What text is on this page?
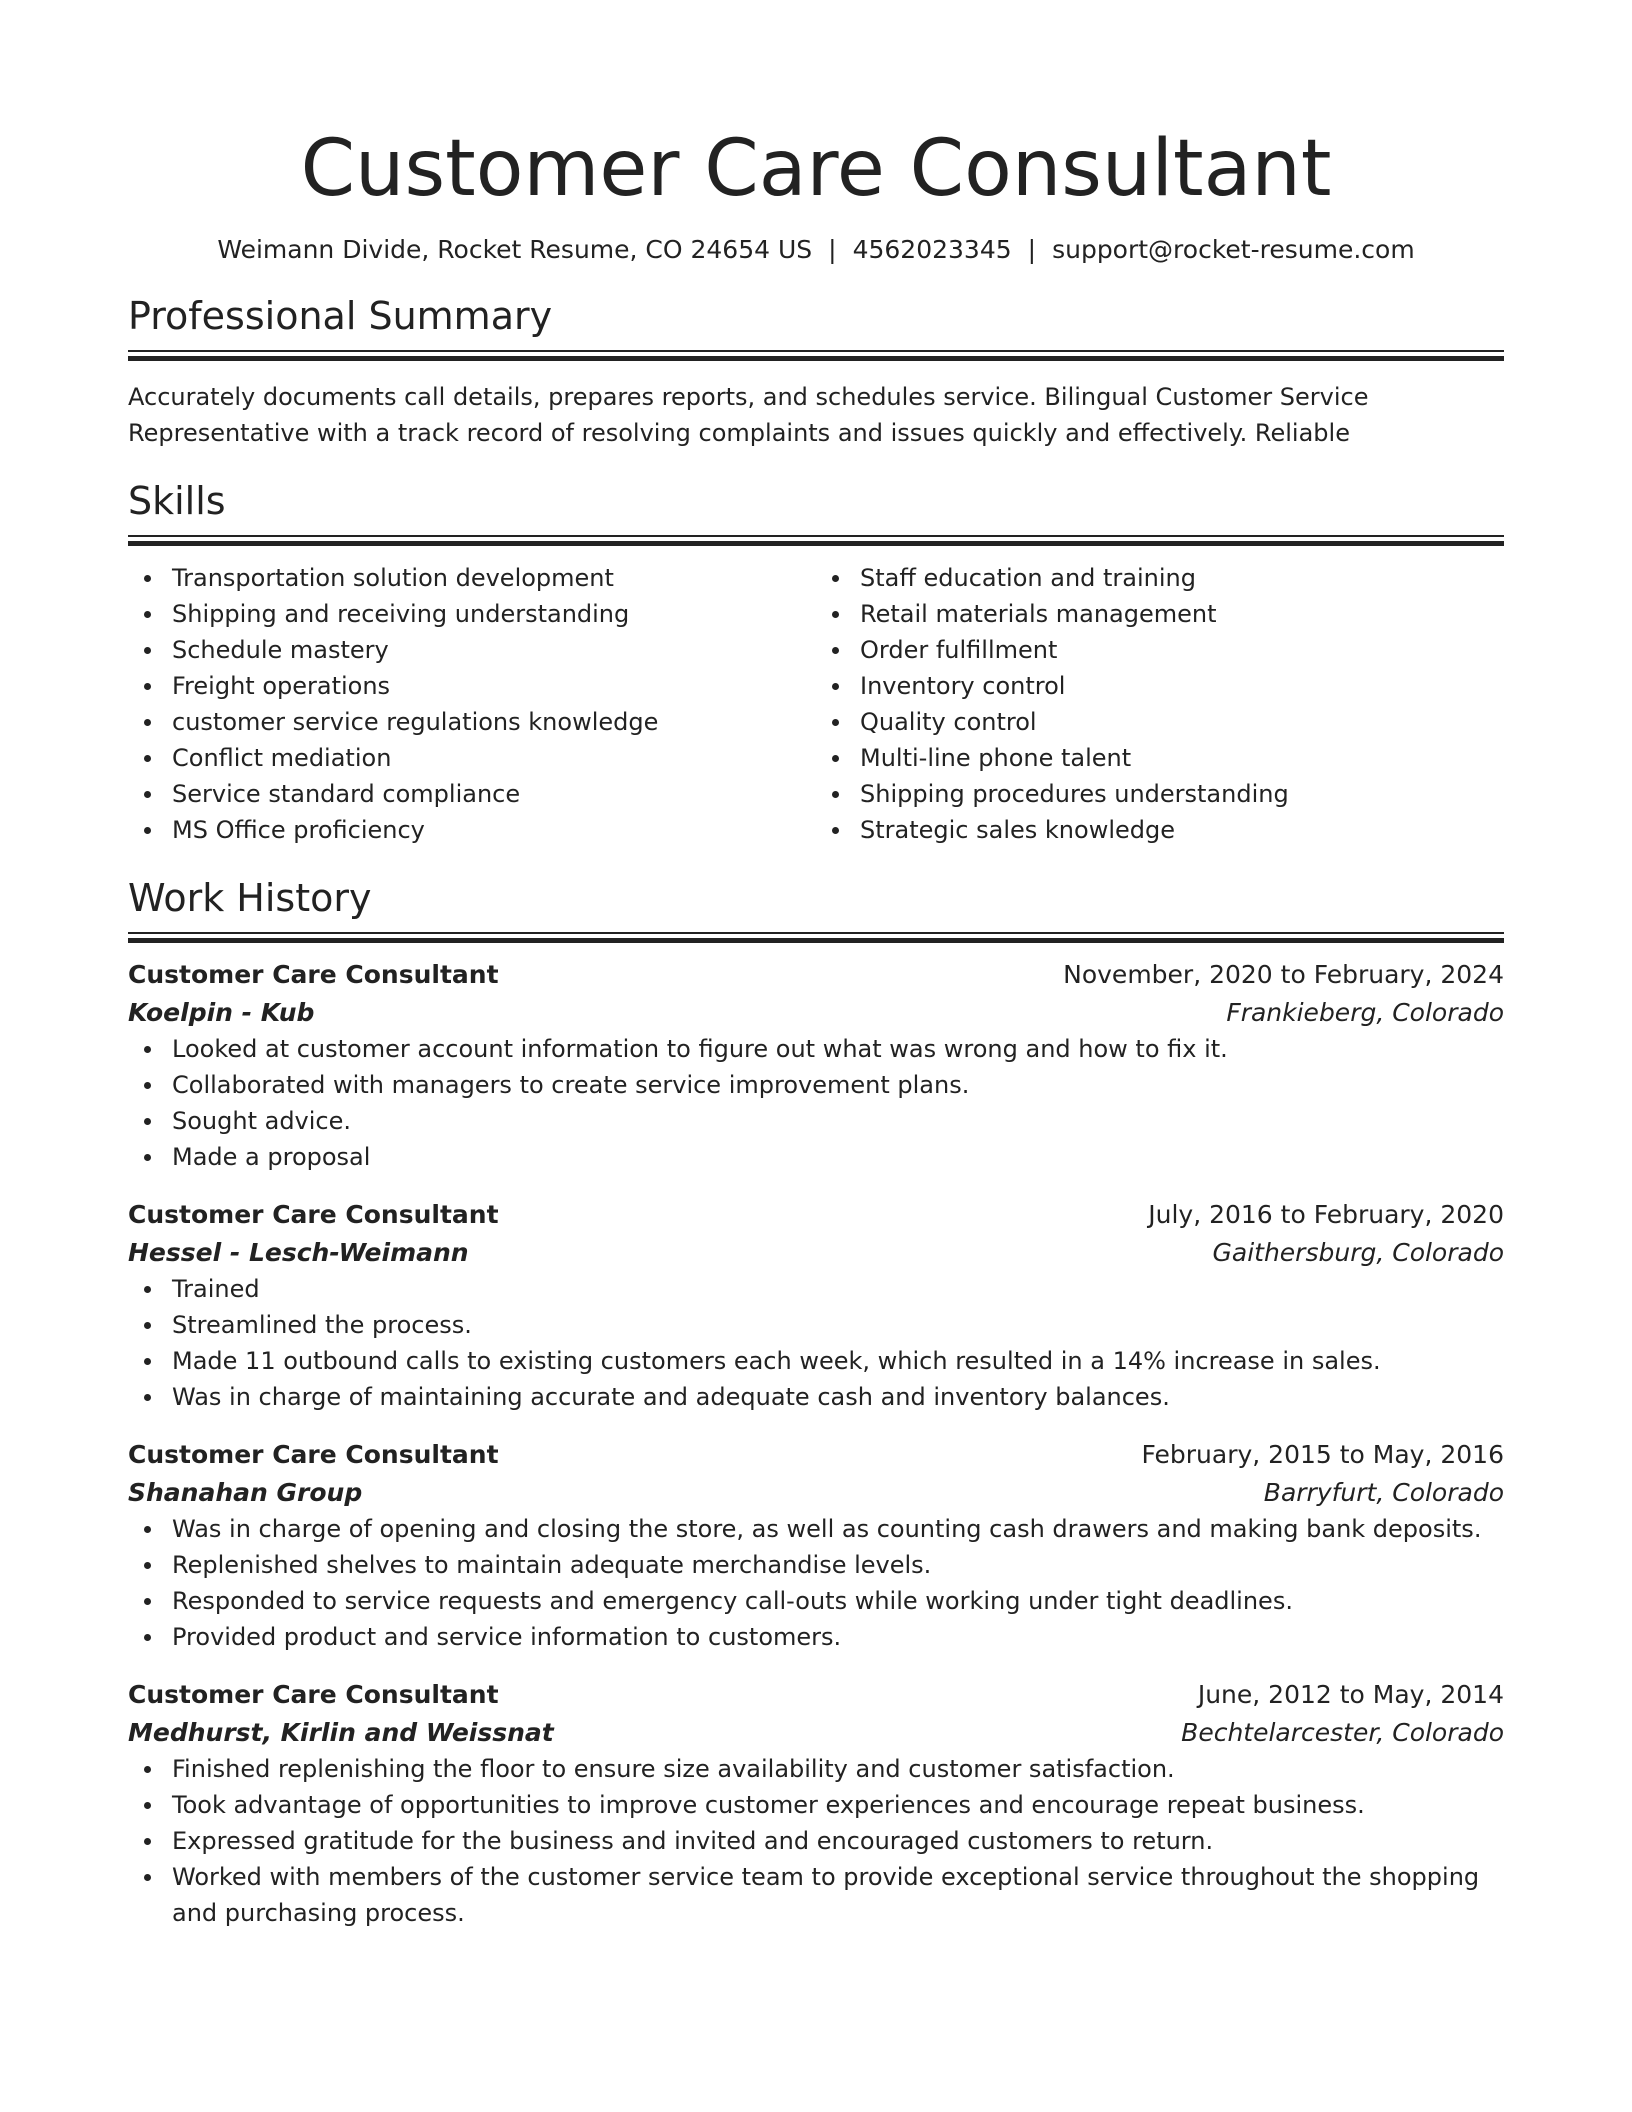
Customer Care Consultant
Weimann Divide, Rocket Resume, CO 24654 US | 4562023345 | support@rocket-resume.com
Professional Summary
Accurately documents call details, prepares reports, and schedules service. Bilingual Customer Service Representative with a track record of resolving complaints and issues quickly and effectively. Reliable
Skills
Transportation solution development
Shipping and receiving understanding
Schedule mastery
Freight operations
customer service regulations knowledge
Conflict mediation
Service standard compliance
MS Office proficiency
Staff education and training
Retail materials management
Order fulfillment
Inventory control
Quality control
Multi-line phone talent
Shipping procedures understanding
Strategic sales knowledge
Work History
Customer Care Consultant	November, 2020 to February, 2024
Koelpin - Kub	Frankieberg, Colorado
Looked at customer account information to figure out what was wrong and how to fix it.
Collaborated with managers to create service improvement plans.
Sought advice.
Made a proposal
Customer Care Consultant	July, 2016 to February, 2020
Hessel - Lesch-Weimann	Gaithersburg, Colorado
Trained
Streamlined the process.
Made 11 outbound calls to existing customers each week, which resulted in a 14% increase in sales.
Was in charge of maintaining accurate and adequate cash and inventory balances.
Customer Care Consultant	February, 2015 to May, 2016
Shanahan Group	Barryfurt, Colorado
Was in charge of opening and closing the store, as well as counting cash drawers and making bank deposits.
Replenished shelves to maintain adequate merchandise levels.
Responded to service requests and emergency call-outs while working under tight deadlines.
Provided product and service information to customers.
Customer Care Consultant	June, 2012 to May, 2014
Medhurst, Kirlin and Weissnat	Bechtelarcester, Colorado
Finished replenishing the floor to ensure size availability and customer satisfaction.
Took advantage of opportunities to improve customer experiences and encourage repeat business.
Expressed gratitude for the business and invited and encouraged customers to return.
Worked with members of the customer service team to provide exceptional service throughout the shopping and purchasing process.
